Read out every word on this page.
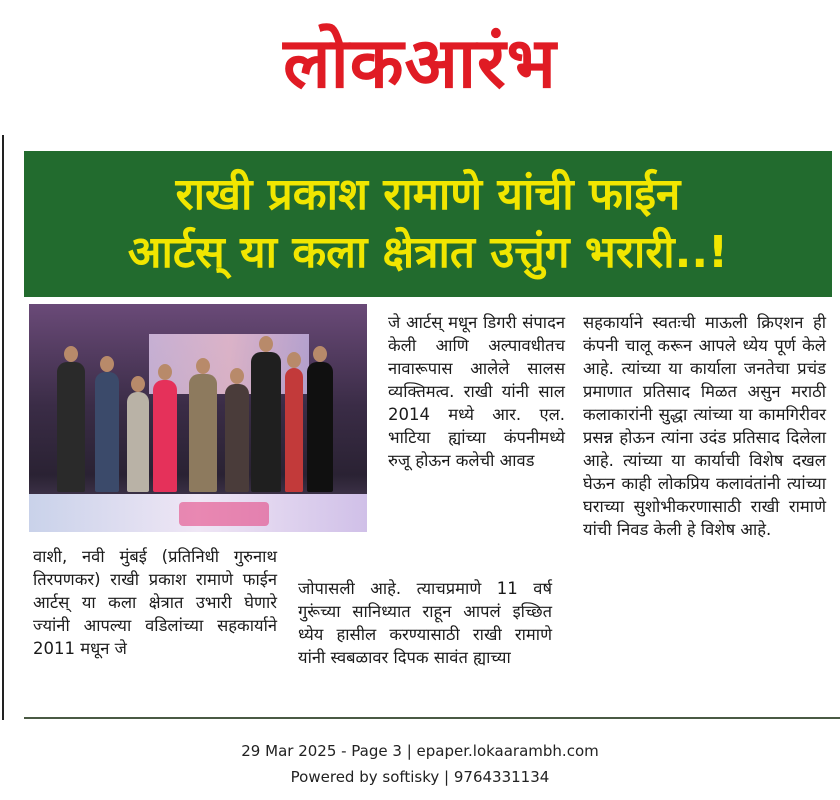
लोकआरंभ
राखी प्रकाश रामाणे यांची फाईन
आर्टस् या कला क्षेत्रात उत्तुंग भरारी..!

वाशी, नवी मुंबई (प्रतिनिधी गुरुनाथ तिरपणकर) राखी प्रकाश रामाणे फाईन आर्टस् या कला क्षेत्रात उभारी घेणारे ज्यांनी आपल्या वडिलांच्या सहकार्याने 2011 मधून जे

जे आर्टस् मधून डिगरी संपादन केली आणि अल्पावधीतच नावारूपास आलेले सालस व्यक्तिमत्व. राखी यांनी साल 2014 मध्ये आर. एल. भाटिया ह्यांच्या कंपनीमध्ये रुजू होऊन कलेची आवड

जोपासली आहे. त्याचप्रमाणे 11 वर्ष गुरूंच्या सानिध्यात राहून आपलं इच्छित ध्येय हासील करण्यासाठी राखी रामाणे यांनी स्वबळावर दिपक सावंत ह्याच्या

सहकार्याने स्वतःची माऊली क्रिएशन ही कंपनी चालू करून आपले ध्येय पूर्ण केले आहे. त्यांच्या या कार्याला जनतेचा प्रचंड प्रमाणात प्रतिसाद मिळत असुन मराठी कलाकारांनी सुद्धा त्यांच्या या कामगिरीवर प्रसन्न होऊन त्यांना उदंड प्रतिसाद दिलेला आहे. त्यांच्या या कार्याची विशेष दखल घेऊन काही लोकप्रिय कलावंतांनी त्यांच्या घराच्या सुशोभीकरणासाठी राखी रामाणे यांची निवड केली हे विशेष आहे.

29 Mar 2025 - Page 3 | epaper.lokaarambh.com
Powered by softisky | 9764331134
